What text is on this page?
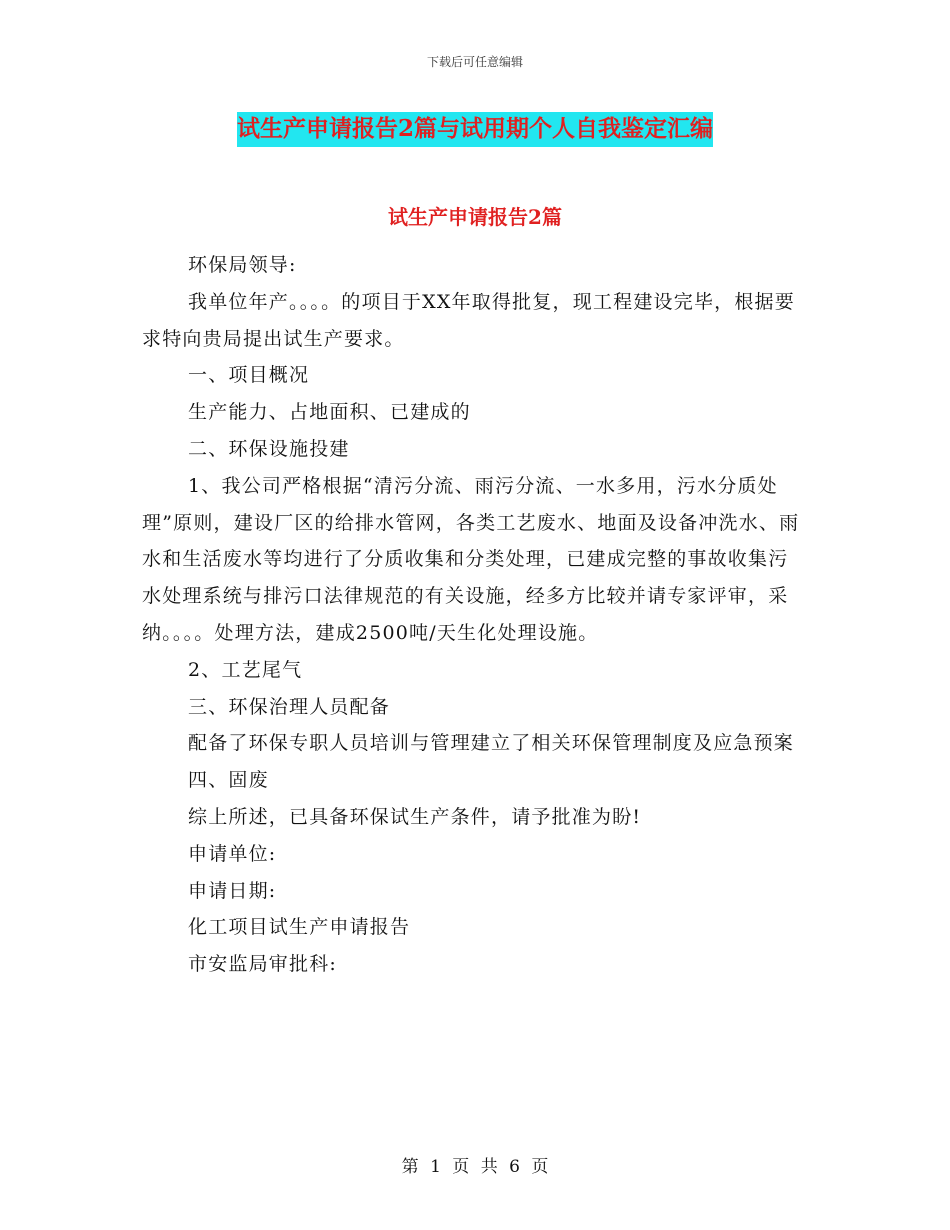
下载后可任意编辑
试生产申请报告2篇与试用期个人自我鉴定汇编
试生产申请报告2篇

环保局领导:

我单位年产。。。。的项目于XX年取得批复，现工程建设完毕，根据要求特向贵局提出试生产要求。

一、项目概况

生产能力、占地面积、已建成的

二、环保设施投建

1、我公司严格根据“清污分流、雨污分流、一水多用，污水分质处理”原则，建设厂区的给排水管网，各类工艺废水、地面及设备冲洗水、雨水和生活废水等均进行了分质收集和分类处理，已建成完整的事故收集污水处理系统与排污口法律规范的有关设施，经多方比较并请专家评审，采纳。。。。处理方法，建成2500吨/天生化处理设施。

2、工艺尾气

三、环保治理人员配备

配备了环保专职人员培训与管理建立了相关环保管理制度及应急预案

四、固废

综上所述，已具备环保试生产条件，请予批准为盼!

申请单位:

申请日期:

化工项目试生产申请报告

市安监局审批科:

第 1 页 共 6 页
